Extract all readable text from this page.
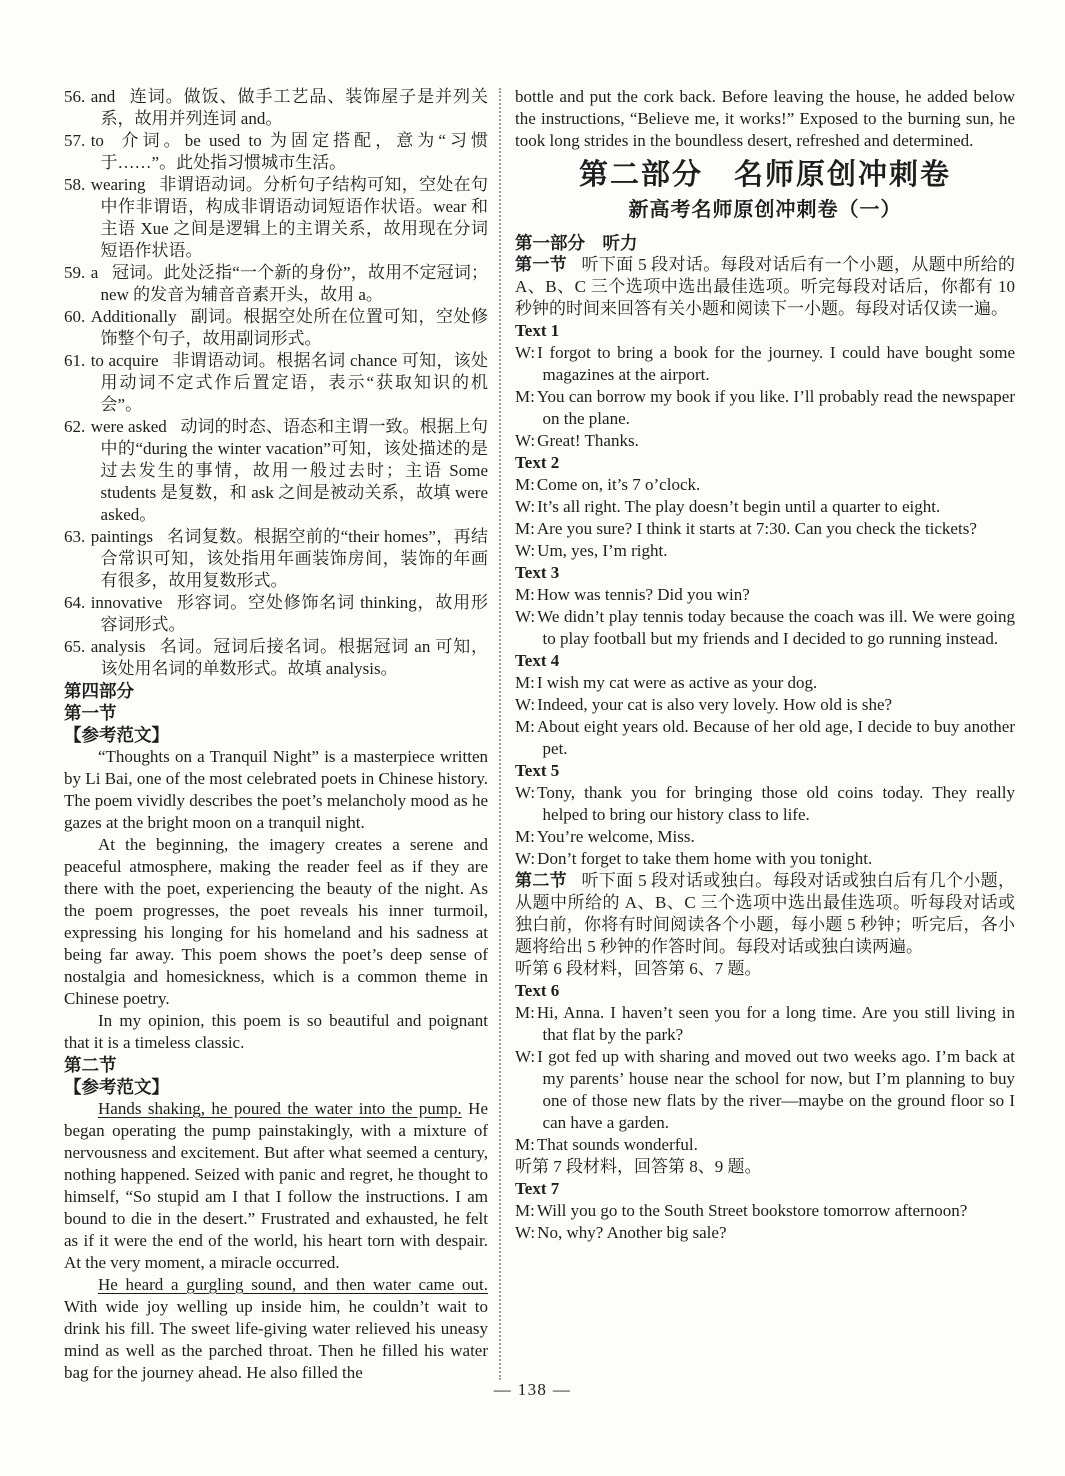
56. and 连词。做饭、做手工艺品、装饰屋子是并列关系，故用并列连词 and。

57. to 介词。be used to 为固定搭配，意为“习惯于……”。此处指习惯城市生活。

58. wearing 非谓语动词。分析句子结构可知，空处在句中作非谓语，构成非谓语动词短语作状语。wear 和主语 Xue 之间是逻辑上的主谓关系，故用现在分词短语作状语。

59. a 冠词。此处泛指“一个新的身份”，故用不定冠词；new 的发音为辅音音素开头，故用 a。

60. Additionally 副词。根据空处所在位置可知，空处修饰整个句子，故用副词形式。

61. to acquire 非谓语动词。根据名词 chance 可知，该处用动词不定式作后置定语，表示“获取知识的机会”。

62. were asked 动词的时态、语态和主谓一致。根据上句中的“during the winter vacation”可知，该处描述的是过去发生的事情，故用一般过去时；主语 Some students 是复数，和 ask 之间是被动关系，故填 were asked。

63. paintings 名词复数。根据空前的“their homes”，再结合常识可知，该处指用年画装饰房间，装饰的年画有很多，故用复数形式。

64. innovative 形容词。空处修饰名词 thinking，故用形容词形式。

65. analysis 名词。冠词后接名词。根据冠词 an 可知，该处用名词的单数形式。故填 analysis。

第四部分
第一节
【参考范文】

“Thoughts on a Tranquil Night” is a masterpiece written by Li Bai, one of the most celebrated poets in Chinese history. The poem vividly describes the poet’s melancholy mood as he gazes at the bright moon on a tranquil night.

At the beginning, the imagery creates a serene and peaceful atmosphere, making the reader feel as if they are there with the poet, experiencing the beauty of the night. As the poem progresses, the poet reveals his inner turmoil, expressing his longing for his homeland and his sadness at being far away. This poem shows the poet’s deep sense of nostalgia and homesickness, which is a common theme in Chinese poetry.

In my opinion, this poem is so beautiful and poignant that it is a timeless classic.

第二节
【参考范文】

Hands shaking, he poured the water into the pump. He began operating the pump painstakingly, with a mixture of nervousness and excitement. But after what seemed a century, nothing happened. Seized with panic and regret, he thought to himself, “So stupid am I that I follow the instructions. I am bound to die in the desert.” Frustrated and exhausted, he felt as if it were the end of the world, his heart torn with despair. At the very moment, a miracle occurred.

He heard a gurgling sound, and then water came out. With wide joy welling up inside him, he couldn’t wait to drink his fill. The sweet life-giving water relieved his uneasy mind as well as the parched throat. Then he filled his water bag for the journey ahead. He also filled the

bottle and put the cork back. Before leaving the house, he added below the instructions, “Believe me, it works!” Exposed to the burning sun, he took long strides in the boundless desert, refreshed and determined.

第二部分　名师原创冲刺卷
新高考名师原创冲刺卷（一）
第一部分　听力

第一节 听下面 5 段对话。每段对话后有一个小题，从题中所给的 A、B、C 三个选项中选出最佳选项。听完每段对话后，你都有 10 秒钟的时间来回答有关小题和阅读下一小题。每段对话仅读一遍。

Text 1

W: I forgot to bring a book for the journey. I could have bought some magazines at the airport.

M: You can borrow my book if you like. I’ll probably read the newspaper on the plane.

W: Great! Thanks.

Text 2

M: Come on, it’s 7 o’clock.

W: It’s all right. The play doesn’t begin until a quarter to eight.

M: Are you sure? I think it starts at 7:30. Can you check the tickets?

W: Um, yes, I’m right.

Text 3

M: How was tennis? Did you win?

W: We didn’t play tennis today because the coach was ill. We were going to play football but my friends and I decided to go running instead.

Text 4

M: I wish my cat were as active as your dog.

W: Indeed, your cat is also very lovely. How old is she?

M: About eight years old. Because of her old age, I decide to buy another pet.

Text 5

W: Tony, thank you for bringing those old coins today. They really helped to bring our history class to life.

M: You’re welcome, Miss.

W: Don’t forget to take them home with you tonight.

第二节 听下面 5 段对话或独白。每段对话或独白后有几个小题，从题中所给的 A、B、C 三个选项中选出最佳选项。听每段对话或独白前，你将有时间阅读各个小题，每小题 5 秒钟；听完后，各小题将给出 5 秒钟的作答时间。每段对话或独白读两遍。

听第 6 段材料，回答第 6、7 题。

Text 6

M: Hi, Anna. I haven’t seen you for a long time. Are you still living in that flat by the park?

W: I got fed up with sharing and moved out two weeks ago. I’m back at my parents’ house near the school for now, but I’m planning to buy one of those new flats by the river—maybe on the ground floor so I can have a garden.

M: That sounds wonderful.

听第 7 段材料，回答第 8、9 题。

Text 7

M: Will you go to the South Street bookstore tomorrow afternoon?

W: No, why? Another big sale?

— 138 —
